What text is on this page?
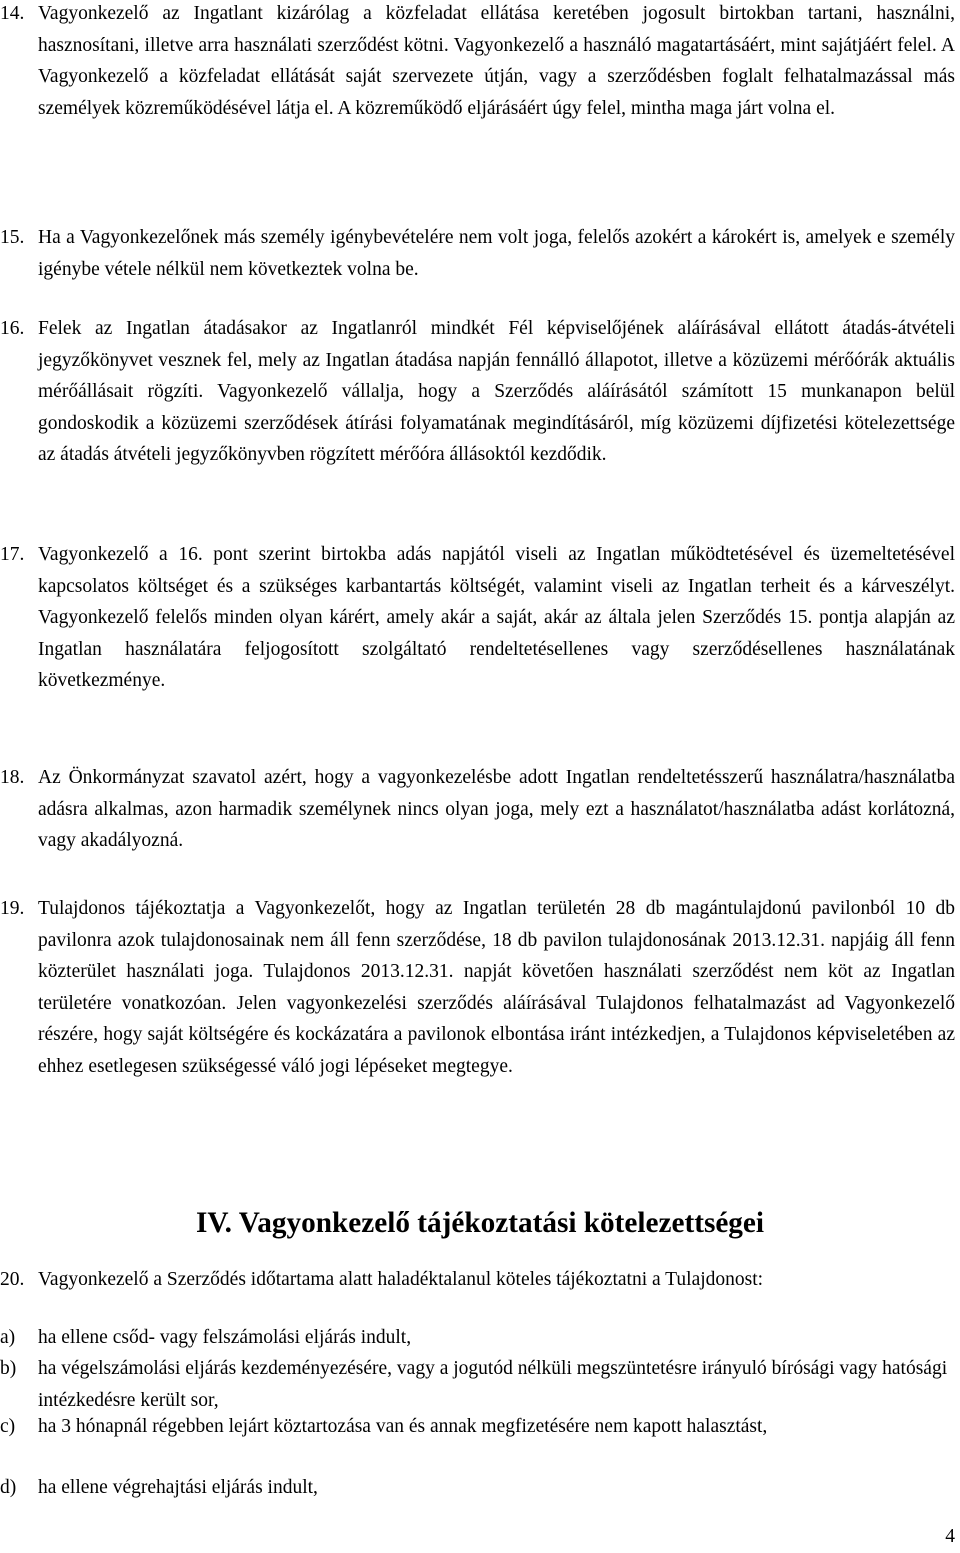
14. Vagyonkezelő az Ingatlant kizárólag a közfeladat ellátása keretében jogosult birtokban tartani, használni, hasznosítani, illetve arra használati szerződést kötni. Vagyonkezelő a használó magatartásáért, mint sajátjáért felel. A Vagyonkezelő a közfeladat ellátását saját szervezete útján, vagy a szerződésben foglalt felhatalmazással más személyek közreműködésével látja el. A közreműködő eljárásáért úgy felel, mintha maga járt volna el.
15. Ha a Vagyonkezelőnek más személy igénybevételére nem volt joga, felelős azokért a károkért is, amelyek e személy igénybe vétele nélkül nem következtek volna be.
16. Felek az Ingatlan átadásakor az Ingatlanról mindkét Fél képviselőjének aláírásával ellátott átadás-átvételi jegyzőkönyvet vesznek fel, mely az Ingatlan átadása napján fennálló állapotot, illetve a közüzemi mérőórák aktuális mérőállásait rögzíti. Vagyonkezelő vállalja, hogy a Szerződés aláírásától számított 15 munkanapon belül gondoskodik a közüzemi szerződések átírási folyamatának megindításáról, míg közüzemi díjfizetési kötelezettsége az átadás átvételi jegyzőkönyvben rögzített mérőóra állásoktól kezdődik.
17. Vagyonkezelő a 16. pont szerint birtokba adás napjától viseli az Ingatlan működtetésével és üzemeltetésével kapcsolatos költséget és a szükséges karbantartás költségét, valamint viseli az Ingatlan terheit és a kárveszélyt. Vagyonkezelő felelős minden olyan kárért, amely akár a saját, akár az általa jelen Szerződés 15. pontja alapján az Ingatlan használatára feljogosított szolgáltató rendeltetésellenes vagy szerződésellenes használatának következménye.
18. Az Önkormányzat szavatol azért, hogy a vagyonkezelésbe adott Ingatlan rendeltetésszerű használatra/használatba adásra alkalmas, azon harmadik személynek nincs olyan joga, mely ezt a használatot/használatba adást korlátozná, vagy akadályozná.
19. Tulajdonos tájékoztatja a Vagyonkezelőt, hogy az Ingatlan területén 28 db magántulajdonú pavilonból 10 db pavilonra azok tulajdonosainak nem áll fenn szerződése, 18 db pavilon tulajdonosának 2013.12.31. napjáig áll fenn közterület használati joga. Tulajdonos 2013.12.31. napját követően használati szerződést nem köt az Ingatlan területére vonatkozóan. Jelen vagyonkezelési szerződés aláírásával Tulajdonos felhatalmazást ad Vagyonkezelő részére, hogy saját költségére és kockázatára a pavilonok elbontása iránt intézkedjen, a Tulajdonos képviseletében az ehhez esetlegesen szükségessé váló jogi lépéseket megtegye.
IV. Vagyonkezelő tájékoztatási kötelezettségei
20. Vagyonkezelő a Szerződés időtartama alatt haladéktalanul köteles tájékoztatni a Tulajdonost:
a) ha ellene csőd- vagy felszámolási eljárás indult,
b) ha végelszámolási eljárás kezdeményezésére, vagy a jogutód nélküli megszüntetésre irányuló bírósági vagy hatósági intézkedésre került sor,
c) ha 3 hónapnál régebben lejárt köztartozása van és annak megfizetésére nem kapott halasztást,
d) ha ellene végrehajtási eljárás indult,
4
